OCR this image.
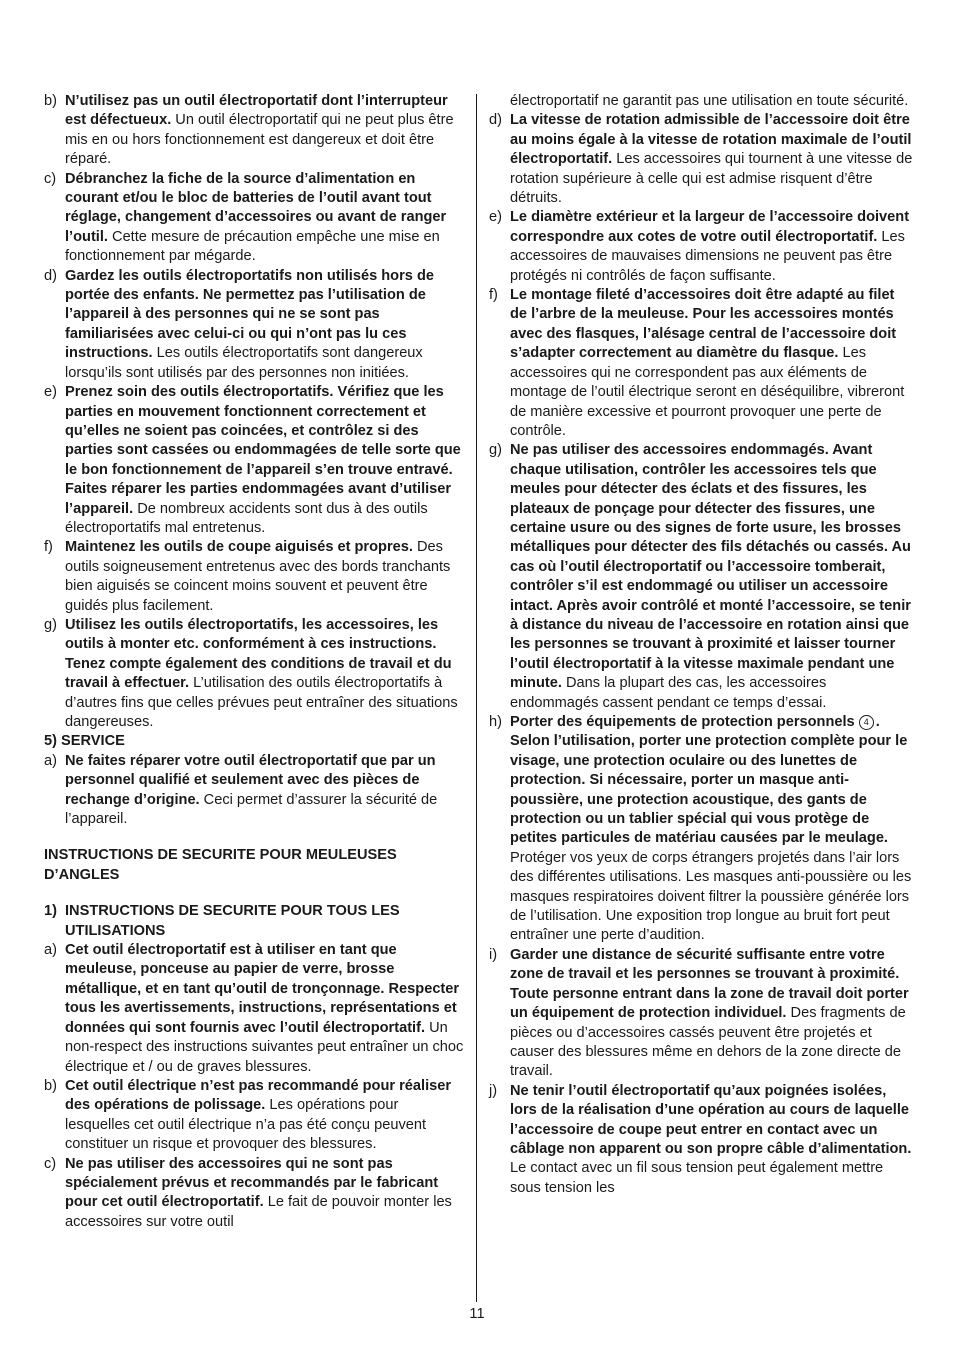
b) N’utilisez pas un outil électroportatif dont l’interrupteur est défectueux. Un outil électroportatif qui ne peut plus être mis en ou hors fonctionnement est dangereux et doit être réparé.
c) Débranchez la fiche de la source d’alimentation en courant et/ou le bloc de batteries de l’outil avant tout réglage, changement d’accessoires ou avant de ranger l’outil. Cette mesure de précaution empêche une mise en fonctionnement par mégarde.
d) Gardez les outils électroportatifs non utilisés hors de portée des enfants. Ne permettez pas l’utilisation de l’appareil à des personnes qui ne se sont pas familiarisées avec celui-ci ou qui n’ont pas lu ces instructions. Les outils électroportatifs sont dangereux lorsqu’ils sont utilisés par des personnes non initiées.
e) Prenez soin des outils électroportatifs. Vérifiez que les parties en mouvement fonctionnent correctement et qu’elles ne soient pas coincées, et contrôlez si des parties sont cassées ou endommagées de telle sorte que le bon fonctionnement de l’appareil s’en trouve entravé. Faites réparer les parties endommagées avant d’utiliser l’appareil. De nombreux accidents sont dus à des outils électroportatifs mal entretenus.
f) Maintenez les outils de coupe aiguisés et propres. Des outils soigneusement entretenus avec des bords tranchants bien aiguisés se coincent moins souvent et peuvent être guidés plus facilement.
g) Utilisez les outils électroportatifs, les accessoires, les outils à monter etc. conformément à ces instructions. Tenez compte également des conditions de travail et du travail à effectuer. L’utilisation des outils électroportatifs à d’autres fins que celles prévues peut entraîner des situations dangereuses.
5) SERVICE
a) Ne faites réparer votre outil électroportatif que par un personnel qualifié et seulement avec des pièces de rechange d’origine. Ceci permet d’assurer la sécurité de l’appareil.
INSTRUCTIONS DE SECURITE POUR MEULEUSES D’ANGLES
1) INSTRUCTIONS DE SECURITE POUR TOUS LES UTILISATIONS
a) Cet outil électroportatif est à utiliser en tant que meuleuse, ponceuse au papier de verre, brosse métallique, et en tant qu’outil de tronçonnage. Respecter tous les avertissements, instructions, représentations et données qui sont fournis avec l’outil électroportatif. Un non-respect des instructions suivantes peut entraîner un choc électrique et / ou de graves blessures.
b) Cet outil électrique n’est pas recommandé pour réaliser des opérations de polissage. Les opérations pour lesquelles cet outil électrique n’a pas été conçu peuvent constituer un risque et provoquer des blessures.
c) Ne pas utiliser des accessoires qui ne sont pas spécialement prévus et recommandés par le fabricant pour cet outil électroportatif. Le fait de pouvoir monter les accessoires sur votre outil
électroportatif ne garantit pas une utilisation en toute sécurité.
d) La vitesse de rotation admissible de l’accessoire doit être au moins égale à la vitesse de rotation maximale de l’outil électroportatif. Les accessoires qui tournent à une vitesse de rotation supérieure à celle qui est admise risquent d’être détruits.
e) Le diamètre extérieur et la largeur de l’accessoire doivent correspondre aux cotes de votre outil électroportatif. Les accessoires de mauvaises dimensions ne peuvent pas être protégés ni contrôlés de façon suffisante.
f) Le montage fileté d’accessoires doit être adapté au filet de l’arbre de la meuleuse. Pour les accessoires montés avec des flasques, l’alésage central de l’accessoire doit s’adapter correctement au diamètre du flasque. Les accessoires qui ne correspondent pas aux éléments de montage de l’outil électrique seront en déséquilibre, vibreront de manière excessive et pourront provoquer une perte de contrôle.
g) Ne pas utiliser des accessoires endommagés. Avant chaque utilisation, contrôler les accessoires tels que meules pour détecter des éclats et des fissures, les plateaux de ponçage pour détecter des fissures, une certaine usure ou des signes de forte usure, les brosses métalliques pour détecter des fils détachés ou cassés. Au cas où l’outil électroportatif ou l’accessoire tomberait, contrôler s’il est endommagé ou utiliser un accessoire intact. Après avoir contrôlé et monté l’accessoire, se tenir à distance du niveau de l’accessoire en rotation ainsi que les personnes se trouvant à proximité et laisser tourner l’outil électroportatif à la vitesse maximale pendant une minute. Dans la plupart des cas, les accessoires endommagés cassent pendant ce temps d’essai.
h) Porter des équipements de protection personnels 4 . Selon l’utilisation, porter une protection complète pour le visage, une protection oculaire ou des lunettes de protection. Si nécessaire, porter un masque anti-poussière, une protection acoustique, des gants de protection ou un tablier spécial qui vous protège de petites particules de matériau causées par le meulage. Protéger vos yeux de corps étrangers projetés dans l’air lors des différentes utilisations. Les masques anti-poussière ou les masques respiratoires doivent filtrer la poussière générée lors de l’utilisation. Une exposition trop longue au bruit fort peut entraîner une perte d’audition.
i) Garder une distance de sécurité suffisante entre votre zone de travail et les personnes se trouvant à proximité. Toute personne entrant dans la zone de travail doit porter un équipement de protection individuel. Des fragments de pièces ou d’accessoires cassés peuvent être projetés et causer des blessures même en dehors de la zone directe de travail.
j) Ne tenir l’outil électroportatif qu’aux poignées isolées, lors de la réalisation d’une opération au cours de laquelle l’accessoire de coupe peut entrer en contact avec un câblage non apparent ou son propre câble d’alimentation. Le contact avec un fil sous tension peut également mettre sous tension les
11
